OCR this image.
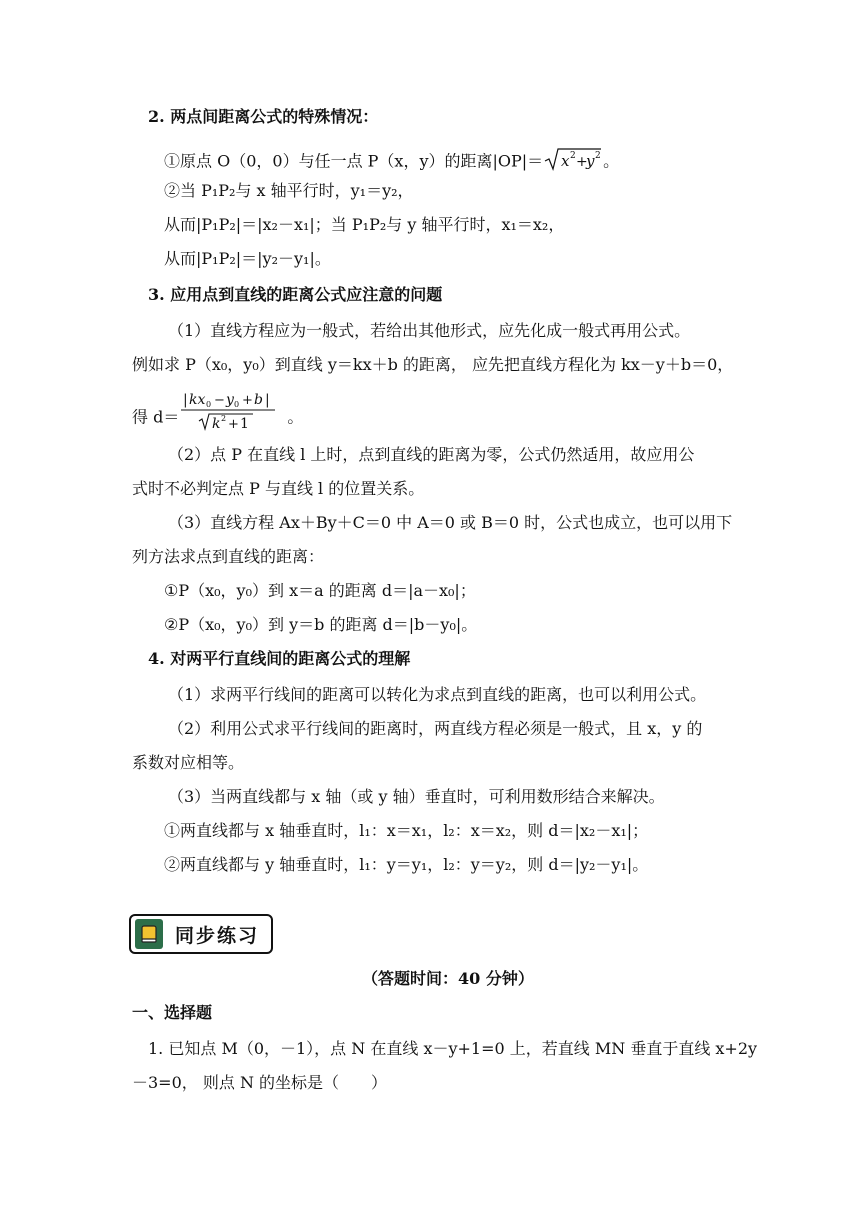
2. 两点间距离公式的特殊情况：
①原点 O（0，0）与任一点 P（x，y）的距离|OP|＝ x 2 +
y 2 。
②当 P₁P₂与 x 轴平行时，y₁＝y₂，
从而|P₁P₂|＝|x₂－x₁|；当 P₁P₂与 y 轴平行时，x₁＝x₂，
从而|P₁P₂|＝|y₂－y₁|。
3. 应用点到直线的距离公式应注意的问题
（1）直线方程应为一般式，若给出其他形式，应先化成一般式再用公式。
例如求 P（x₀，y₀）到直线 y＝kx＋b 的距离， 应先把直线方程化为 kx－y＋b＝0，
得 d＝
| kx 0 − y 0 + b |
k 2 + 1 。
（2）点 P 在直线 l 上时，点到直线的距离为零，公式仍然适用，故应用公
式时不必判定点 P 与直线 l 的位置关系。
（3）直线方程 Ax＋By＋C＝0 中 A＝0 或 B＝0 时，公式也成立，也可以用下
列方法求点到直线的距离：
①P（x₀，y₀）到 x＝a 的距离 d＝|a－x₀|；
②P（x₀，y₀）到 y＝b 的距离 d＝|b－y₀|。
4. 对两平行直线间的距离公式的理解
（1）求两平行线间的距离可以转化为求点到直线的距离，也可以利用公式。
（2）利用公式求平行线间的距离时，两直线方程必须是一般式，且 x，y 的
系数对应相等。
（3）当两直线都与 x 轴（或 y 轴）垂直时，可利用数形结合来解决。
①两直线都与 x 轴垂直时，l₁：x＝x₁，l₂：x＝x₂，则 d＝|x₂－x₁|；
②两直线都与 y 轴垂直时，l₁：y＝y₁，l₂：y＝y₂，则 d＝|y₂－y₁|。
同步练习
（答题时间：40 分钟）
一、选择题
1. 已知点 M（0，－1），点 N 在直线 x－y+1=0 上，若直线 MN 垂直于直线 x+2y
－3=0， 则点 N 的坐标是（　　）
